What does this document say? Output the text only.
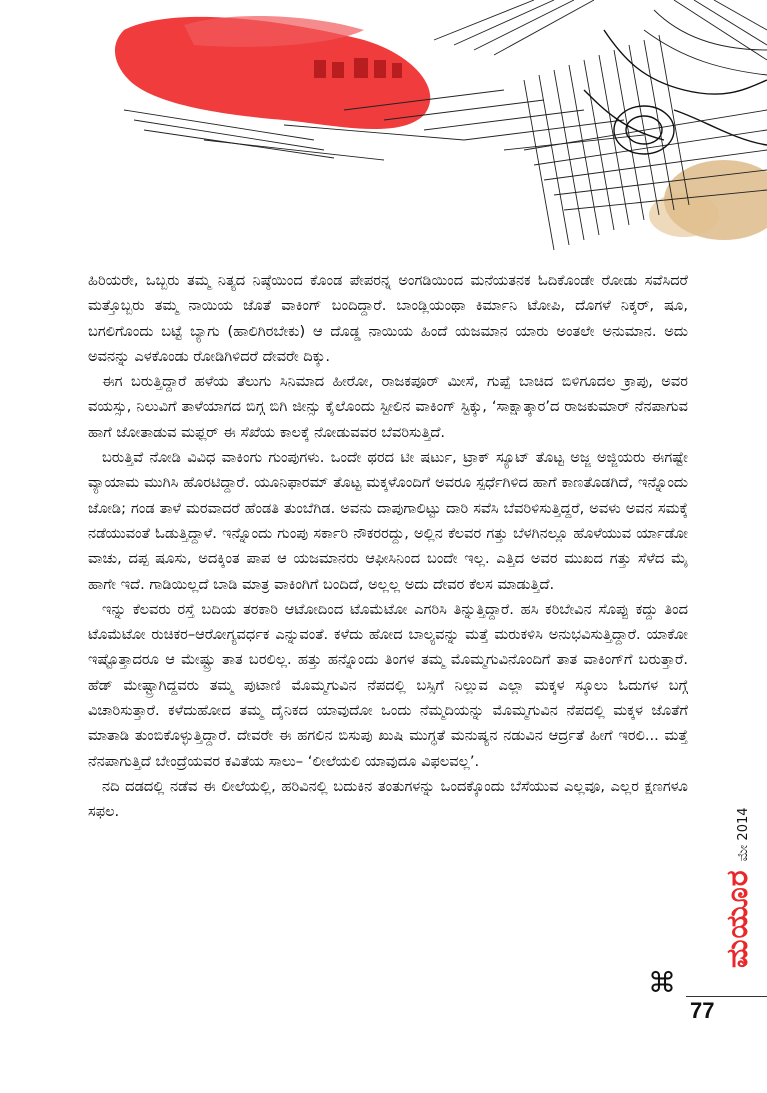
ಹಿರಿಯರೇ, ಒಬ್ಬರು ತಮ್ಮ ನಿತ್ಯದ ನಿಷ್ಠೆಯಿಂದ ಕೊಂಡ ಪೇಪರನ್ನ ಅಂಗಡಿಯಿಂದ ಮನೆಯತನಕ ಓದಿಕೊಂಡೇ ರೋಡು ಸವೆಸಿದರೆ ಮತ್ತೊಬ್ಬರು ತಮ್ಮ ನಾಯಿಯ ಜೊತೆ ವಾಕಿಂಗ್ ಬಂದಿದ್ದಾರೆ. ಬಾಂಡ್ಲಿಯಂಥಾ ಕಿರ್ಮಾನಿ ಟೋಪಿ, ದೊಗಳೆ ನಿಕ್ಕರ್, ಷೂ, ಬಗಲಿಗೊಂದು ಬಟ್ಟೆ ಬ್ಯಾಗು (ಹಾಲಿಗಿರಬೇಕು) ಆ ದೊಡ್ಡ ನಾಯಿಯ ಹಿಂದೆ ಯಜಮಾನ ಯಾರು ಅಂತಲೇ ಅನುಮಾನ. ಅದು ಅವನನ್ನು ಎಳಕೊಂಡು ರೋಡಿಗಿಳಿದರೆ ದೇವರೇ ದಿಕ್ಕು.

ಈಗ ಬರುತ್ತಿದ್ದಾರೆ ಹಳೆಯ ತೆಲುಗು ಸಿನಿಮಾದ ಹೀರೋ, ರಾಜಕಪೂರ್ ಮೀಸೆ, ಗುಪ್ಪೆ ಬಾಚಿದ ಬಿಳಿಗೂದಲ ಕ್ರಾಪು, ಅವರ ವಯಸ್ಸು, ನಿಲುವಿಗೆ ತಾಳೆಯಾಗದ ಬಿಗ್ಗ ಬಿಗಿ ಜೀನ್ಸು ಕೈಲೊಂದು ಸ್ಟೀಲಿನ ವಾಕಿಂಗ್ ಸ್ಟಿಕ್ಕು, ‘ಸಾಕ್ಷಾತ್ಕಾರ’ದ ರಾಜಕುಮಾರ್ ನೆನಪಾಗುವ ಹಾಗೆ ಜೋತಾಡುವ ಮಫ್ಲರ್ ಈ ಸೆಖೆಯ ಕಾಲಕ್ಕೆ ನೋಡುವವರ ಬೆವರಿಸುತ್ತಿದೆ.

ಬರುತ್ತಿವೆ ನೋಡಿ ವಿವಿಧ ವಾಕಿಂಗು ಗುಂಪುಗಳು. ಒಂದೇ ಥರದ ಟೀ ಷರ್ಟು, ಟ್ರಾಕ್ ಸ್ಯೂಟ್ ತೊಟ್ಟ ಅಜ್ಜ ಅಜ್ಜಿಯರು ಈಗಷ್ಟೇ ವ್ಯಾಯಾಮ ಮುಗಿಸಿ ಹೊರಟಿದ್ದಾರೆ. ಯೂನಿಫಾರಮ್ ತೊಟ್ಟ ಮಕ್ಕಳೊಂದಿಗೆ ಅವರೂ ಸ್ಪರ್ಧೆಗಿಳಿದ ಹಾಗೆ ಕಾಣತೊಡಗಿದೆ, ಇನ್ನೊಂದು ಜೋಡಿ; ಗಂಡ ತಾಳೆ ಮರವಾದರೆ ಹೆಂಡತಿ ತುಂಬೆಗಿಡ. ಅವನು ದಾಪುಗಾಲಿಟ್ಟು ದಾರಿ ಸವೆಸಿ ಬೆವರಿಳಿಸುತ್ತಿದ್ದರೆ, ಅವಳು ಅವನ ಸಮಕ್ಕೆ ನಡೆಯುವಂತೆ ಓಡುತ್ತಿದ್ದಾಳೆ. ಇನ್ನೊಂದು ಗುಂಪು ಸರ್ಕಾರಿ ನೌಕರರದ್ದು, ಅಲ್ಲಿನ ಕೆಲವರ ಗತ್ತು ಬೆಳಗಿನಲ್ಲೂ ಹೊಳೆಯುವ ರ್ಯಾಡೋ ವಾಚು, ದಪ್ಪ ಷೂಸು, ಅದಕ್ಕಿಂತ ಪಾಪ ಆ ಯಜಮಾನರು ಆಫೀಸಿನಿಂದ ಬಂದೇ ಇಲ್ಲ. ಎತ್ತಿದ ಅವರ ಮುಖದ ಗತ್ತು ಸೆಳೆದ ಮೈ ಹಾಗೇ ಇದೆ. ಗಾಡಿಯಿಲ್ಲದೆ ಬಾಡಿ ಮಾತ್ರ ವಾಕಿಂಗಿಗೆ ಬಂದಿದೆ, ಅಲ್ಲಲ್ಲ ಅದು ದೇವರ ಕೆಲಸ ಮಾಡುತ್ತಿದೆ.

ಇನ್ನು ಕೆಲವರು ರಸ್ತೆ ಬದಿಯ ತರಕಾರಿ ಆಟೋದಿಂದ ಟೊಮೆಟೋ ಎಗರಿಸಿ ತಿನ್ನುತ್ತಿದ್ದಾರೆ. ಹಸಿ ಕರಿಬೇವಿನ ಸೊಪ್ಪು ಕದ್ದು ತಿಂದ ಟೊಮೆಟೋ ರುಚಿಕರ–ಆರೋಗ್ಯವರ್ಧಕ ಎನ್ನುವಂತೆ. ಕಳೆದು ಹೋದ ಬಾಲ್ಯವನ್ನು ಮತ್ತೆ ಮರುಕಳಿಸಿ ಅನುಭವಿಸುತ್ತಿದ್ದಾರೆ. ಯಾಕೋ ಇಷ್ಟೊತ್ತಾದರೂ ಆ ಮೇಷ್ಟ್ರು ತಾತ ಬರಲಿಲ್ಲ. ಹತ್ತು ಹನ್ನೊಂದು ತಿಂಗಳ ತಮ್ಮ ಮೊಮ್ಮಗುವಿನೊಂದಿಗೆ ತಾತ ವಾಕಿಂಗ್‌ಗೆ ಬರುತ್ತಾರೆ. ಹೆಡ್ ಮೇಷ್ಟ್ರಾಗಿದ್ದವರು ತಮ್ಮ ಪುಟಾಣಿ ಮೊಮ್ಮಗುವಿನ ನೆಪದಲ್ಲಿ ಬಸ್ಸಿಗೆ ನಿಲ್ಲುವ ಎಲ್ಲಾ ಮಕ್ಕಳ ಸ್ಕೂಲು ಓದುಗಳ ಬಗ್ಗೆ ವಿಚಾರಿಸುತ್ತಾರೆ. ಕಳೆದುಹೋದ ತಮ್ಮ ದೈನಿಕದ ಯಾವುದೋ ಒಂದು ನೆಮ್ಮದಿಯನ್ನು ಮೊಮ್ಮಗುವಿನ ನೆಪದಲ್ಲಿ ಮಕ್ಕಳ ಜೊತೆಗೆ ಮಾತಾಡಿ ತುಂಬಿಕೊಳ್ಳುತ್ತಿದ್ದಾರೆ. ದೇವರೇ ಈ ಹಗಲಿನ ಬಿಸುಪು ಖುಷಿ ಮುಗ್ಧತೆ ಮನುಷ್ಯನ ನಡುವಿನ ಆರ್ದ್ರತೆ ಹೀಗೆ ಇರಲಿ... ಮತ್ತೆ ನೆನಪಾಗುತ್ತಿದೆ ಬೇಂದ್ರೆಯವರ ಕವಿತೆಯ ಸಾಲು– ‘ಲೀಲೆಯಲಿ ಯಾವುದೂ ವಿಫಲವಲ್ಲ’.

ನದಿ ದಡದಲ್ಲಿ ನಡೆವ ಈ ಲೀಲೆಯಲ್ಲಿ, ಹರಿವಿನಲ್ಲಿ ಬದುಕಿನ ತಂತುಗಳನ್ನು ಒಂದಕ್ಕೊಂದು ಬೆಸೆಯುವ ಎಲ್ಲವೂ, ಎಲ್ಲರ ಕ್ಷಣಗಳೂ ಸಫಲ.

ಮಯೂರ
ಮೇ 2014
⌘
77
